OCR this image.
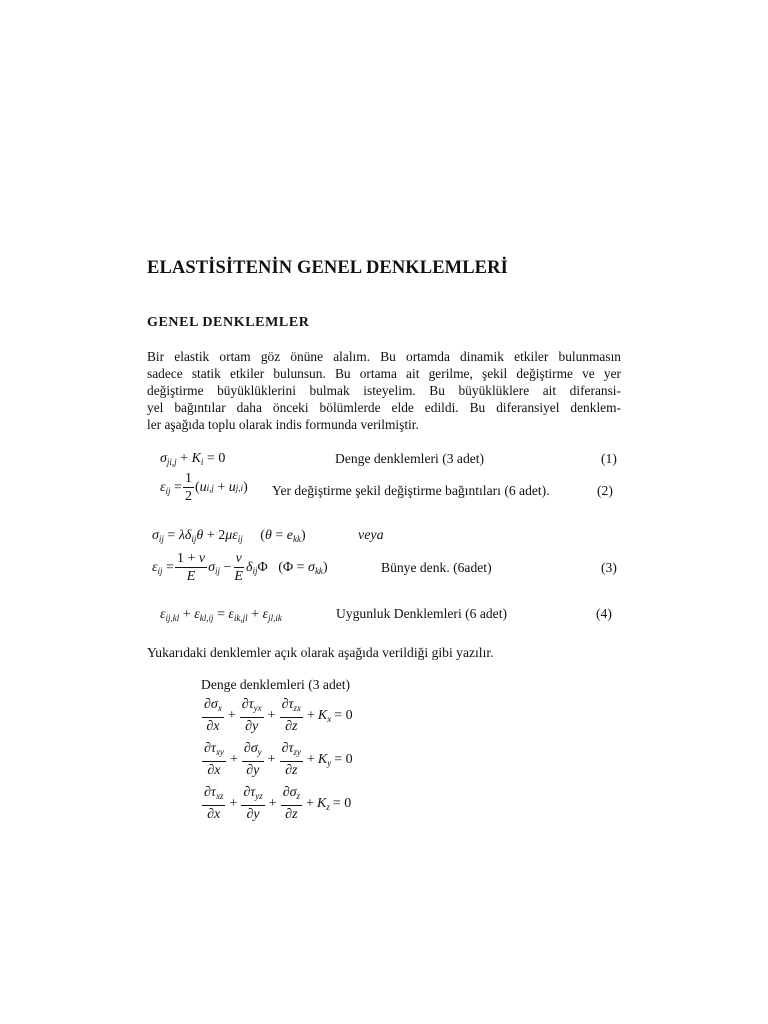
ELASTİSİTENİN GENEL DENKLEMLERİ
GENEL DENKLEMLER
Bir elastik ortam göz önüne alalım. Bu ortamda dinamik etkiler bulunmasın
sadece statik etkiler bulunsun. Bu ortama ait gerilme, şekil değiştirme ve yer
değiştirme büyüklüklerini bulmak isteyelim. Bu büyüklüklere ait diferansi-
yel bağıntılar daha önceki bölümlerde elde edildi. Bu diferansiyel denklem-
ler aşağıda toplu olarak indis formunda verilmiştir.
$\sigma_{ji,j} + K_i = 0$	Denge denklemleri (3 adet)	(1)
$\varepsilon_{ij} = \frac{1}{2}$ ( u i,j + u j,i ) Yer değiştirme şekil değiştirme bağıntıları (6 adet).	(2)
$\sigma_{ij} = \lambda\delta_{ij}\theta + 2\mu\varepsilon_{ij}$     $(\theta = e_{kk})$	veya
$\varepsilon_{ij} = \frac{1 + \nu}{E} \sigma_{ij} - \frac{\nu}{E} \delta_{ij}\Phi$   $(\Phi = \sigma_{kk})$	Bünye denk. (6adet)	(3)
$\varepsilon_{ij,kl} + \varepsilon_{kl,ij} = \varepsilon_{ik,jl} + \varepsilon_{jl,ik}$	Uygunluk Denklemleri (6 adet)	(4)
Yukarıdaki denklemler açık olarak aşağıda verildiği gibi yazılır.
Denge denklemleri (3 adet)
$\frac{\partial\sigma_x}{\partial x} + \frac{\partial\tau_{yx}}{\partial y} + \frac{\partial\tau_{zx}}{\partial z} + K_x = 0$
$\frac{\partial\tau_{xy}}{\partial x} + \frac{\partial\sigma_y}{\partial y} + \frac{\partial\tau_{zy}}{\partial z} + K_y = 0$
$\frac{\partial\tau_{xz}}{\partial x} + \frac{\partial\tau_{yz}}{\partial y} + \frac{\partial\sigma_z}{\partial z} + K_z = 0$
